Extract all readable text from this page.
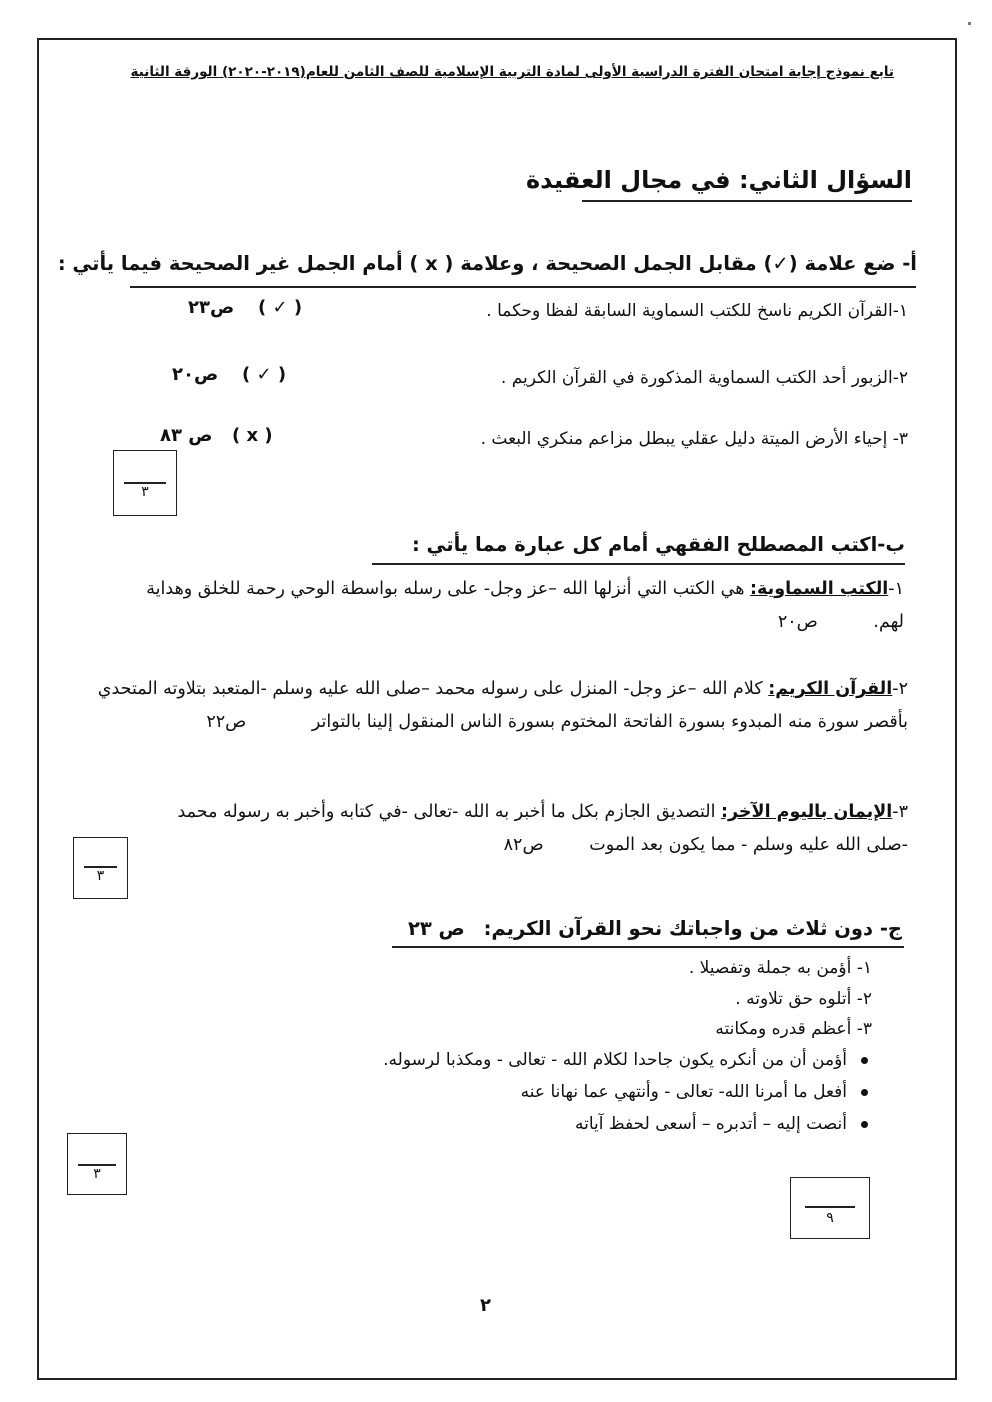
تابع نموذج إجابة امتحان الفترة الدراسية الأولى لمادة التربية الإسلامية للصف الثامن للعام(٢٠١٩-٢٠٢٠) الورقة الثانية
السؤال الثاني: في مجال العقيدة
أ- ضع علامة (✓) مقابل الجمل الصحيحة ، وعلامة ( x ) أمام الجمل غير الصحيحة فيما يأتي :
١-القرآن الكريم ناسخ للكتب السماوية السابقة لفظا وحكما .
( ✓ )
ص٢٣
٢-الزبور أحد الكتب السماوية المذكورة في القرآن الكريم .
( ✓ )
ص٢٠
٣- إحياء الأرض الميتة دليل عقلي يبطل مزاعم منكري البعث .
( x )
ص ٨٣
٣
ب-اكتب المصطلح الفقهي أمام كل عبارة مما يأتي :
١-الكتب السماوية: هي الكتب التي أنزلها الله –عز وجل- على رسله بواسطة الوحي رحمة للخلق وهداية لهم. ص٢٠
٢-القرآن الكريم: كلام الله –عز وجل- المنزل على رسوله محمد –صلى الله عليه وسلم -المتعبد بتلاوته المتحدي بأقصر سورة منه المبدوء بسورة الفاتحة المختوم بسورة الناس المنقول إلينا بالتواتر ص٢٢
٣-الإيمان باليوم الآخر: التصديق الجازم بكل ما أخبر به الله -تعالى -في كتابه وأخبر به رسوله محمد -صلى الله عليه وسلم - مما يكون بعد الموت ص٨٢
٣
ج- دون ثلاث من واجباتك نحو القرآن الكريم: ص ٢٣
١- أؤمن به جملة وتفصيلا .
٢- أتلوه حق تلاوته .
٣- أعظم قدره ومكانته
أؤمن أن من أنكره يكون جاحدا لكلام الله - تعالى - ومكذبا لرسوله.
أفعل ما أمرنا الله- تعالى - وأنتهي عما نهانا عنه
أنصت إليه – أتدبره – أسعى لحفظ آياته
٣
٩
٢
